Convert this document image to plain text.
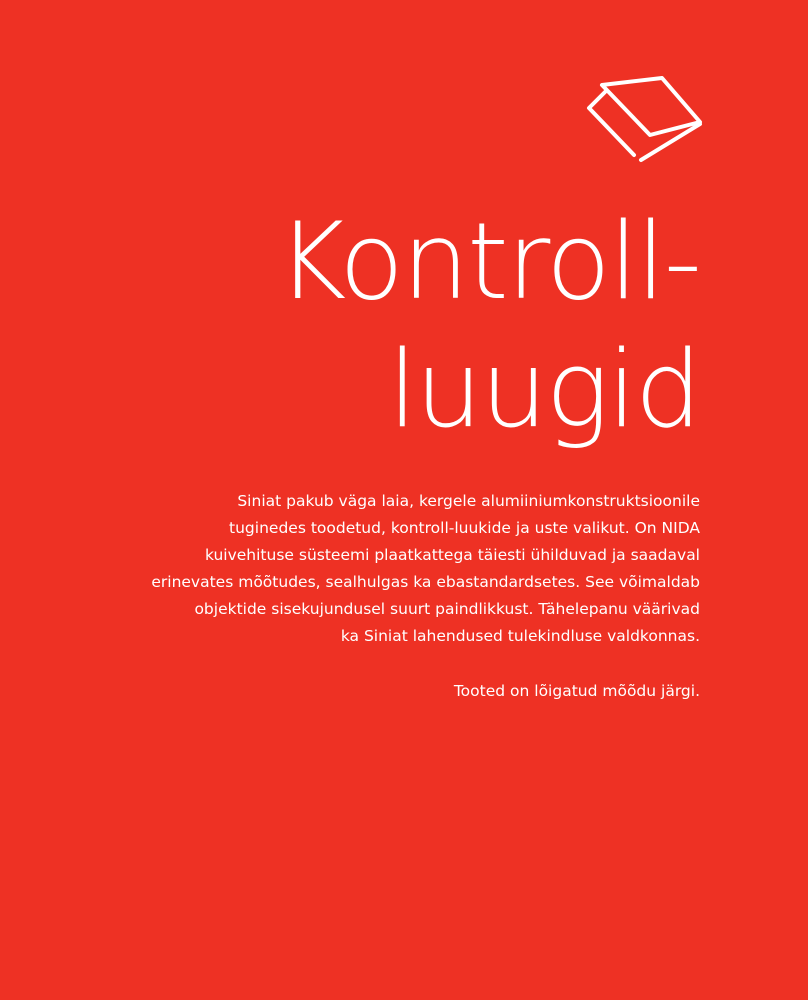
Kontroll-
luugid
Siniat pakub väga laia, kergele alumiiniumkonstruktsioonile
tuginedes toodetud, kontroll-luukide ja uste valikut. On NIDA
kuivehituse süsteemi plaatkattega täiesti ühilduvad ja saadaval
erinevates mõõtudes, sealhulgas ka ebastandardsetes. See võimaldab
objektide sisekujundusel suurt paindlikkust. Tähelepanu väärivad
ka Siniat lahendused tulekindluse valdkonnas.
Tooted on lõigatud mõõdu järgi.
